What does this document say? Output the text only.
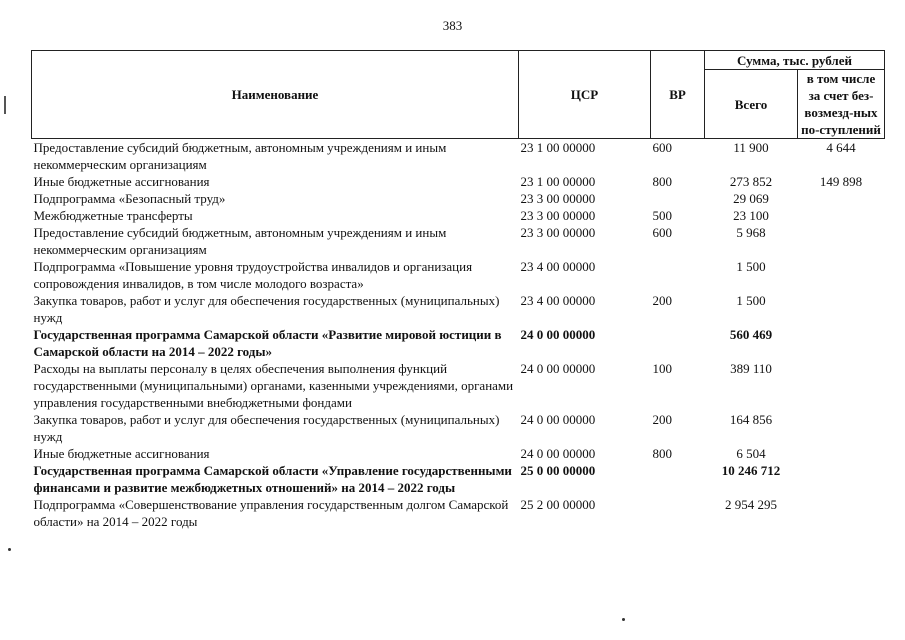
383
Наименование	ЦСР	ВР	Сумма, тыс. рублей	
			Всего	в том числе за счет без-возмезд-ных по-ступлений
Предоставление субсидий бюджетным, автономным учреждениям и иным некоммерческим организациям	23 1 00 00000	600	11 900	4 644
Иные бюджетные ассигнования	23 1 00 00000	800	273 852	149 898
Подпрограмма «Безопасный труд»	23 3 00 00000		29 069	
Межбюджетные трансферты	23 3 00 00000	500	23 100	
Предоставление субсидий бюджетным, автономным учреждениям и иным некоммерческим организациям	23 3 00 00000	600	5 968	
Подпрограмма «Повышение уровня трудоустройства инвалидов и организация сопровождения инвалидов, в том числе молодого возраста»	23 4 00 00000		1 500	
Закупка товаров, работ и услуг для обеспечения государственных (муниципальных) нужд	23 4 00 00000	200	1 500	
Государственная программа Самарской области «Развитие мировой юстиции в Самарской области на 2014 – 2022 годы»	24 0 00 00000		560 469	
Расходы на выплаты персоналу в целях обеспечения выполнения функций государственными (муниципальными) органами, казенными учреждениями, органами управления государственными внебюджетными фондами	24 0 00 00000	100	389 110	
Закупка товаров, работ и услуг для обеспечения государственных (муниципальных) нужд	24 0 00 00000	200	164 856	
Иные бюджетные ассигнования	24 0 00 00000	800	6 504	
Государственная программа Самарской области «Управление государственными финансами и развитие межбюджетных отношений» на 2014 – 2022 годы	25 0 00 00000		10 246 712	
Подпрограмма «Совершенствование управления государственным долгом Самарской области» на 2014 – 2022 годы	25 2 00 00000		2 954 295	
